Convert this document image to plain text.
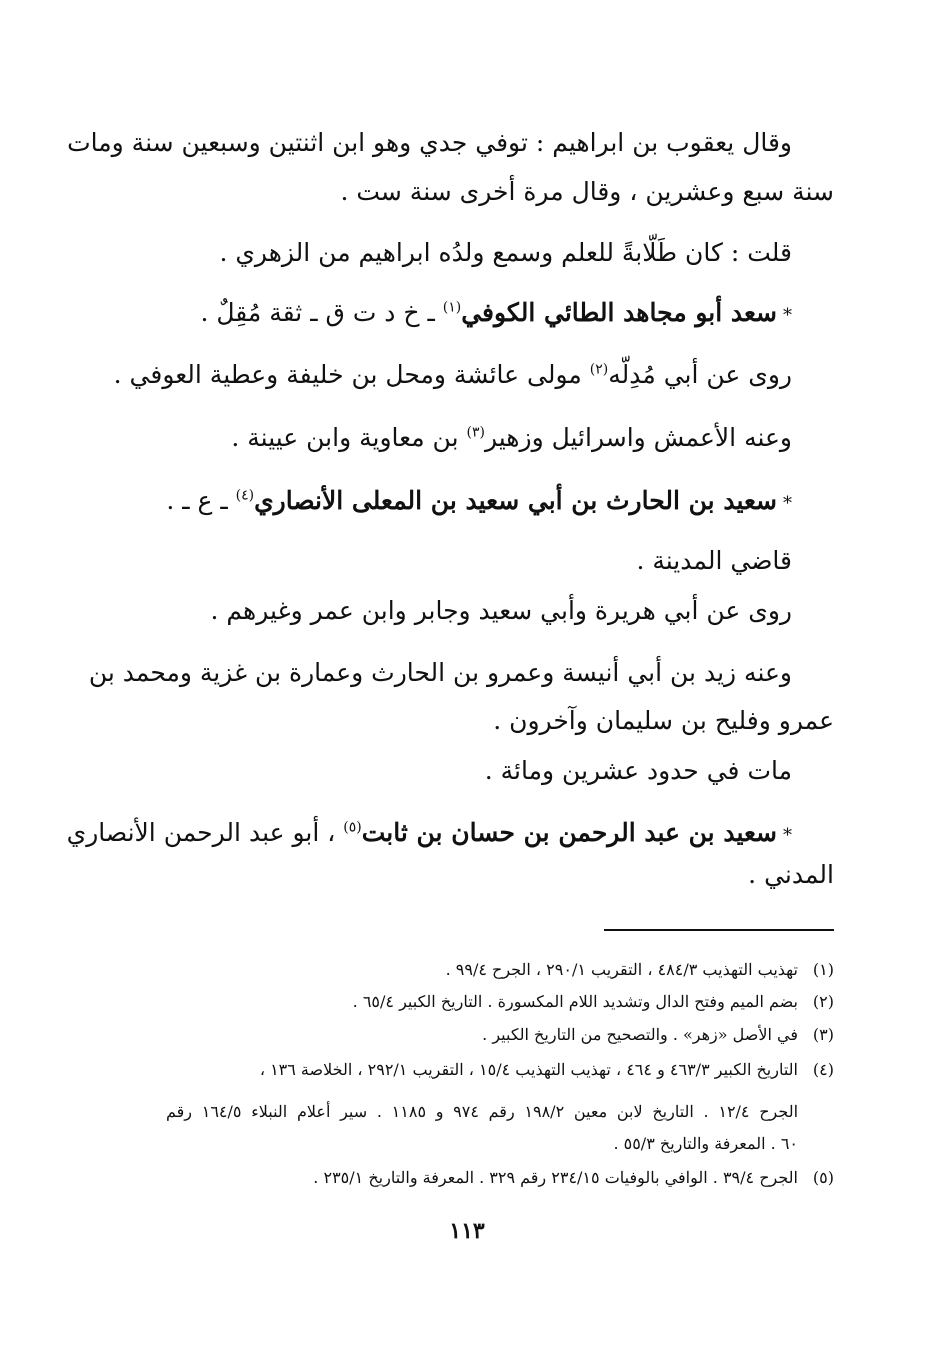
وقال يعقوب بن ابراهيم : توفي جدي وهو ابن اثنتين وسبعين سنة ومات
سنة سبع وعشرين ، وقال مرة أخرى سنة ست .
قلت : كان طَلّابةً للعلم وسمع ولدُه ابراهيم من الزهري .
*سعد أبو مجاهد الطائي الكوفي$^{(١)}$ ـ خ د ت ق ـ ثقة مُقِلٌ .
روى عن أبي مُدِلّه$^{(٢)}$ مولى عائشة ومحل بن خليفة وعطية العوفي .
وعنه الأعمش واسرائيل وزهير$^{(٣)}$ بن معاوية وابن عيينة .
*سعيد بن الحارث بن أبي سعيد بن المعلى الأنصاري$^{(٤)}$ ـ ع ـ .
قاضي المدينة .
روى عن أبي هريرة وأبي سعيد وجابر وابن عمر وغيرهم .
وعنه زيد بن أبي أنيسة وعمرو بن الحارث وعمارة بن غزية ومحمد بن
عمرو وفليح بن سليمان وآخرون .
مات في حدود عشرين ومائة .
*سعيد بن عبد الرحمن بن حسان بن ثابت$^{(٥)}$ ، أبو عبد الرحمن الأنصاري
المدني .
(١)تهذيب التهذيب ٤٨٤/٣ ، التقريب ٢٩٠/١ ، الجرح ٩٩/٤ .
(٢)بضم الميم وفتح الدال وتشديد اللام المكسورة . التاريخ الكبير ٦٥/٤ .
(٣)في الأصل «زهر» . والتصحيح من التاريخ الكبير .
(٤)التاريخ الكبير ٤٦٣/٣ و ٤٦٤ ، تهذيب التهذيب ١٥/٤ ، التقريب ٢٩٢/١ ، الخلاصة ١٣٦ ،
الجرح ١٢/٤ . التاريخ لابن معين ١٩٨/٢ رقم ٩٧٤ و ١١٨٥ . سير أعلام النبلاء ١٦٤/٥ رقم
٦٠ . المعرفة والتاريخ ٥٥/٣ .
(٥)الجرح ٣٩/٤ . الوافي بالوفيات ٢٣٤/١٥ رقم ٣٢٩ . المعرفة والتاريخ ٢٣٥/١ .
١١٣
